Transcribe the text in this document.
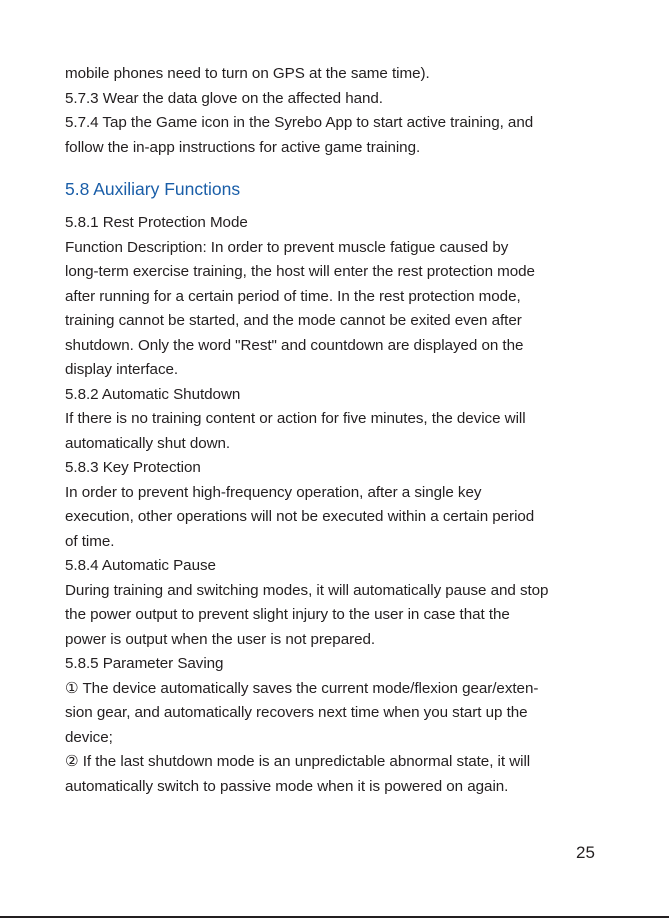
mobile phones need to turn on GPS at the same time).
5.7.3 Wear the data glove on the affected hand.
5.7.4 Tap the Game icon in the Syrebo App to start active training, and
follow the in-app instructions for active game training.
5.8 Auxiliary Functions
5.8.1 Rest Protection Mode
Function Description: In order to prevent muscle fatigue caused by
long-term exercise training, the host will enter the rest protection mode
after running for a certain period of time. In the rest protection mode,
training cannot be started, and the mode cannot be exited even after
shutdown. Only the word "Rest" and countdown are displayed on the
display interface.
5.8.2 Automatic Shutdown
If there is no training content or action for five minutes, the device will
automatically shut down.
5.8.3 Key Protection
In order to prevent high-frequency operation, after a single key
execution, other operations will not be executed within a certain period
of time.
5.8.4 Automatic Pause
During training and switching modes, it will automatically pause and stop
the power output to prevent slight injury to the user in case that the
power is output when the user is not prepared.
5.8.5 Parameter Saving
① The device automatically saves the current mode/flexion gear/exten-
sion gear, and automatically recovers next time when you start up the
device;
② If the last shutdown mode is an unpredictable abnormal state, it will
automatically switch to passive mode when it is powered on again.
25
